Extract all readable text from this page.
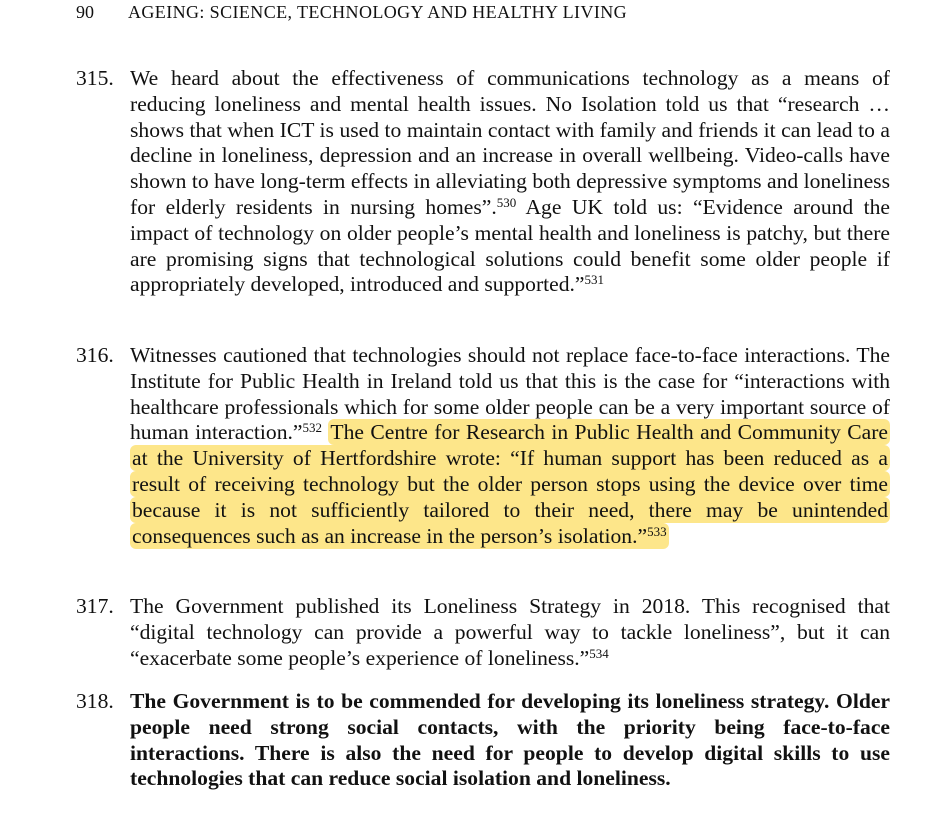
90	AGEING: SCIENCE, TECHNOLOGY AND HEALTHY LIVING
315. We heard about the effectiveness of communications technology as a means of reducing loneliness and mental health issues. No Isolation told us that “research … shows that when ICT is used to maintain contact with family and friends it can lead to a decline in loneliness, depression and an increase in overall wellbeing. Video-calls have shown to have long-term effects in alleviating both depressive symptoms and loneliness for elderly residents in nursing homes”.$^{530}$ Age UK told us: “Evidence around the impact of technology on older people’s mental health and loneliness is patchy, but there are promising signs that technological solutions could benefit some older people if appropriately developed, introduced and supported.”$^{531}$
316. Witnesses cautioned that technologies should not replace face-to-face interactions. The Institute for Public Health in Ireland told us that this is the case for “interactions with healthcare professionals which for some older people can be a very important source of human interaction.”$^{532}$ The Centre for Research in Public Health and Community Care at the University of Hertfordshire wrote: “If human support has been reduced as a result of receiving technology but the older person stops using the device over time because it is not sufficiently tailored to their need, there may be unintended consequences such as an increase in the person’s isolation.”$^{533}$
317. The Government published its Loneliness Strategy in 2018. This recognised that “digital technology can provide a powerful way to tackle loneliness”, but it can “exacerbate some people’s experience of loneliness.”$^{534}$
318. The Government is to be commended for developing its loneliness strategy. Older people need strong social contacts, with the priority being face-to-face interactions. There is also the need for people to develop digital skills to use technologies that can reduce social isolation and loneliness.
